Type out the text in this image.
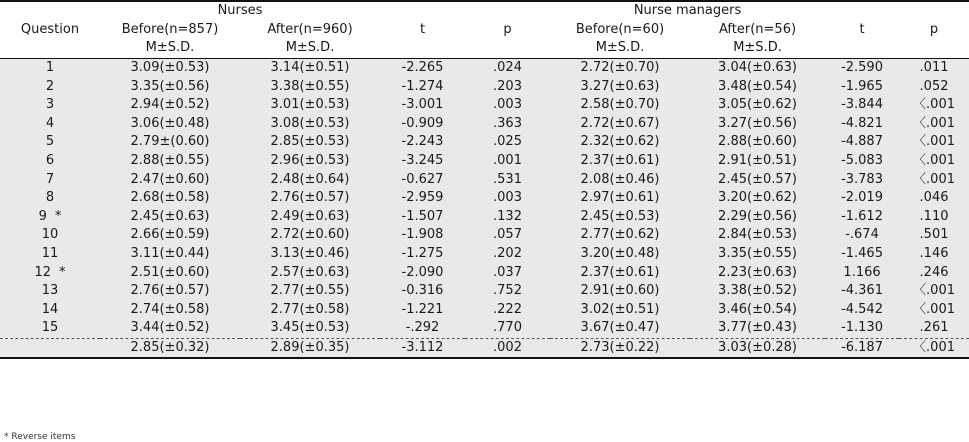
	Nurses				Nurse managers			
Question	Before(n=857)	After(n=960)	t	p	Before(n=60)	After(n=56)	t	p
	M±S.D.	M±S.D.			M±S.D.	M±S.D.		
1	3.09(±0.53)	3.14(±0.51)	-2.265	.024	2.72(±0.70)	3.04(±0.63)	-2.590	.011
2	3.35(±0.56)	3.38(±0.55)	-1.274	.203	3.27(±0.63)	3.48(±0.54)	-1.965	.052
3	2.94(±0.52)	3.01(±0.53)	-3.001	.003	2.58(±0.70)	3.05(±0.62)	-3.844	〈.001
4	3.06(±0.48)	3.08(±0.53)	-0.909	.363	2.72(±0.67)	3.27(±0.56)	-4.821	〈.001
5	2.79±(0.60)	2.85(±0.53)	-2.243	.025	2.32(±0.62)	2.88(±0.60)	-4.887	〈.001
6	2.88(±0.55)	2.96(±0.53)	-3.245	.001	2.37(±0.61)	2.91(±0.51)	-5.083	〈.001
7	2.47(±0.60)	2.48(±0.64)	-0.627	.531	2.08(±0.46)	2.45(±0.57)	-3.783	〈.001
8	2.68(±0.58)	2.76(±0.57)	-2.959	.003	2.97(±0.61)	3.20(±0.62)	-2.019	.046
9 *	2.45(±0.63)	2.49(±0.63)	-1.507	.132	2.45(±0.53)	2.29(±0.56)	-1.612	.110
10	2.66(±0.59)	2.72(±0.60)	-1.908	.057	2.77(±0.62)	2.84(±0.53)	-.674	.501
11	3.11(±0.44)	3.13(±0.46)	-1.275	.202	3.20(±0.48)	3.35(±0.55)	-1.465	.146
12 *	2.51(±0.60)	2.57(±0.63)	-2.090	.037	2.37(±0.61)	2.23(±0.63)	1.166	.246
13	2.76(±0.57)	2.77(±0.55)	-0.316	.752	2.91(±0.60)	3.38(±0.52)	-4.361	〈.001
14	2.74(±0.58)	2.77(±0.58)	-1.221	.222	3.02(±0.51)	3.46(±0.54)	-4.542	〈.001
15	3.44(±0.52)	3.45(±0.53)	-.292	.770	3.67(±0.47)	3.77(±0.43)	-1.130	.261
	2.85(±0.32)	2.89(±0.35)	-3.112	.002	2.73(±0.22)	3.03(±0.28)	-6.187	〈.001
* Reverse items
